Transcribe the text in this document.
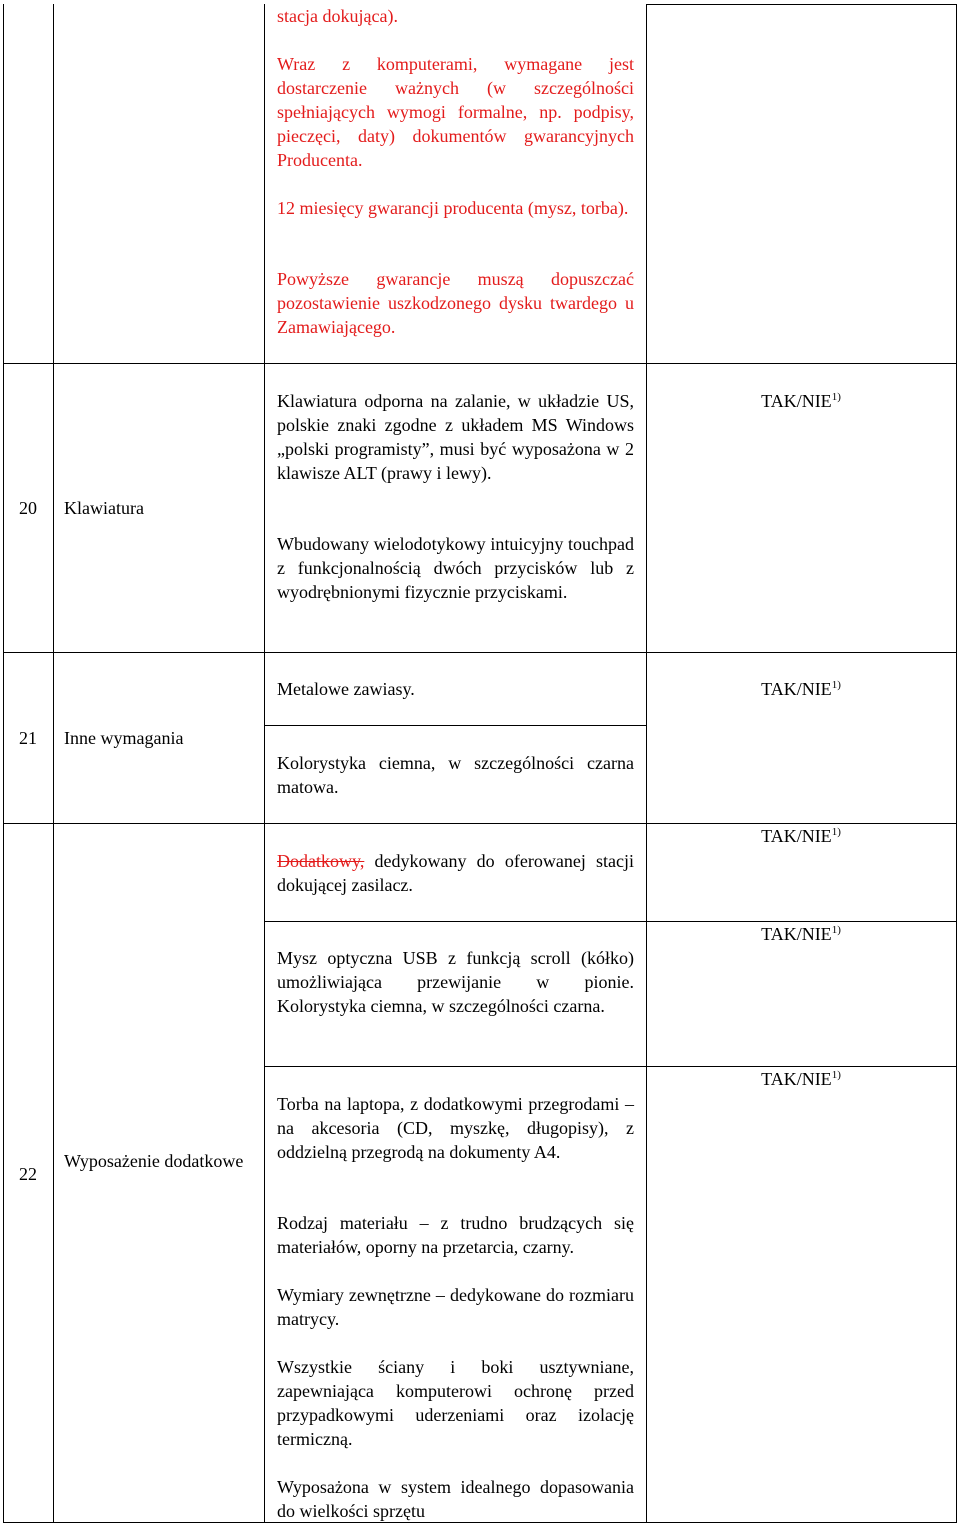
stacja dokująca).
Wraz z komputerami, wymagane jest dostarczenie ważnych (w szczególności spełniających wymogi formalne, np. podpisy, pieczęci, daty) dokumentów gwarancyjnych Producenta.
12 miesięcy gwarancji producenta (mysz, torba).
Powyższe gwarancje muszą dopuszczać pozostawienie uszkodzonego dysku twardego u Zamawiającego.
20	Klawiatura
Klawiatura odporna na zalanie, w układzie US, polskie znaki zgodne z układem MS Windows „polski programisty”, musi być wyposażona w 2 klawisze ALT (prawy i lewy).
Wbudowany wielodotykowy intuicyjny touchpad z funkcjonalnością dwóch przycisków lub z wyodrębnionymi fizycznie przyciskami.
TAK/NIE$^{1)}$
21	Inne wymagania
Metalowe zawiasy.
Kolorystyka ciemna, w szczególności czarna matowa.
TAK/NIE$^{1)}$
22
Wyposażenie dodatkowe
Dodatkowy, dedykowany do oferowanej stacji dokującej zasilacz.
TAK/NIE$^{1)}$
Mysz optyczna USB z funkcją scroll (kółko) umożliwiająca przewijanie w pionie. Kolorystyka ciemna, w szczególności czarna.
TAK/NIE$^{1)}$
Torba na laptopa, z dodatkowymi przegrodami – na akcesoria (CD, myszkę, długopisy), z oddzielną przegrodą na dokumenty A4.
Rodzaj materiału – z trudno brudzących się materiałów, oporny na przetarcia, czarny.
Wymiary zewnętrzne – dedykowane do rozmiaru matrycy.
Wszystkie ściany i boki usztywniane, zapewniająca komputerowi ochronę przed przypadkowymi uderzeniami oraz izolację termiczną.
Wyposażona w system idealnego dopasowania do wielkości sprzętu
TAK/NIE$^{1)}$
